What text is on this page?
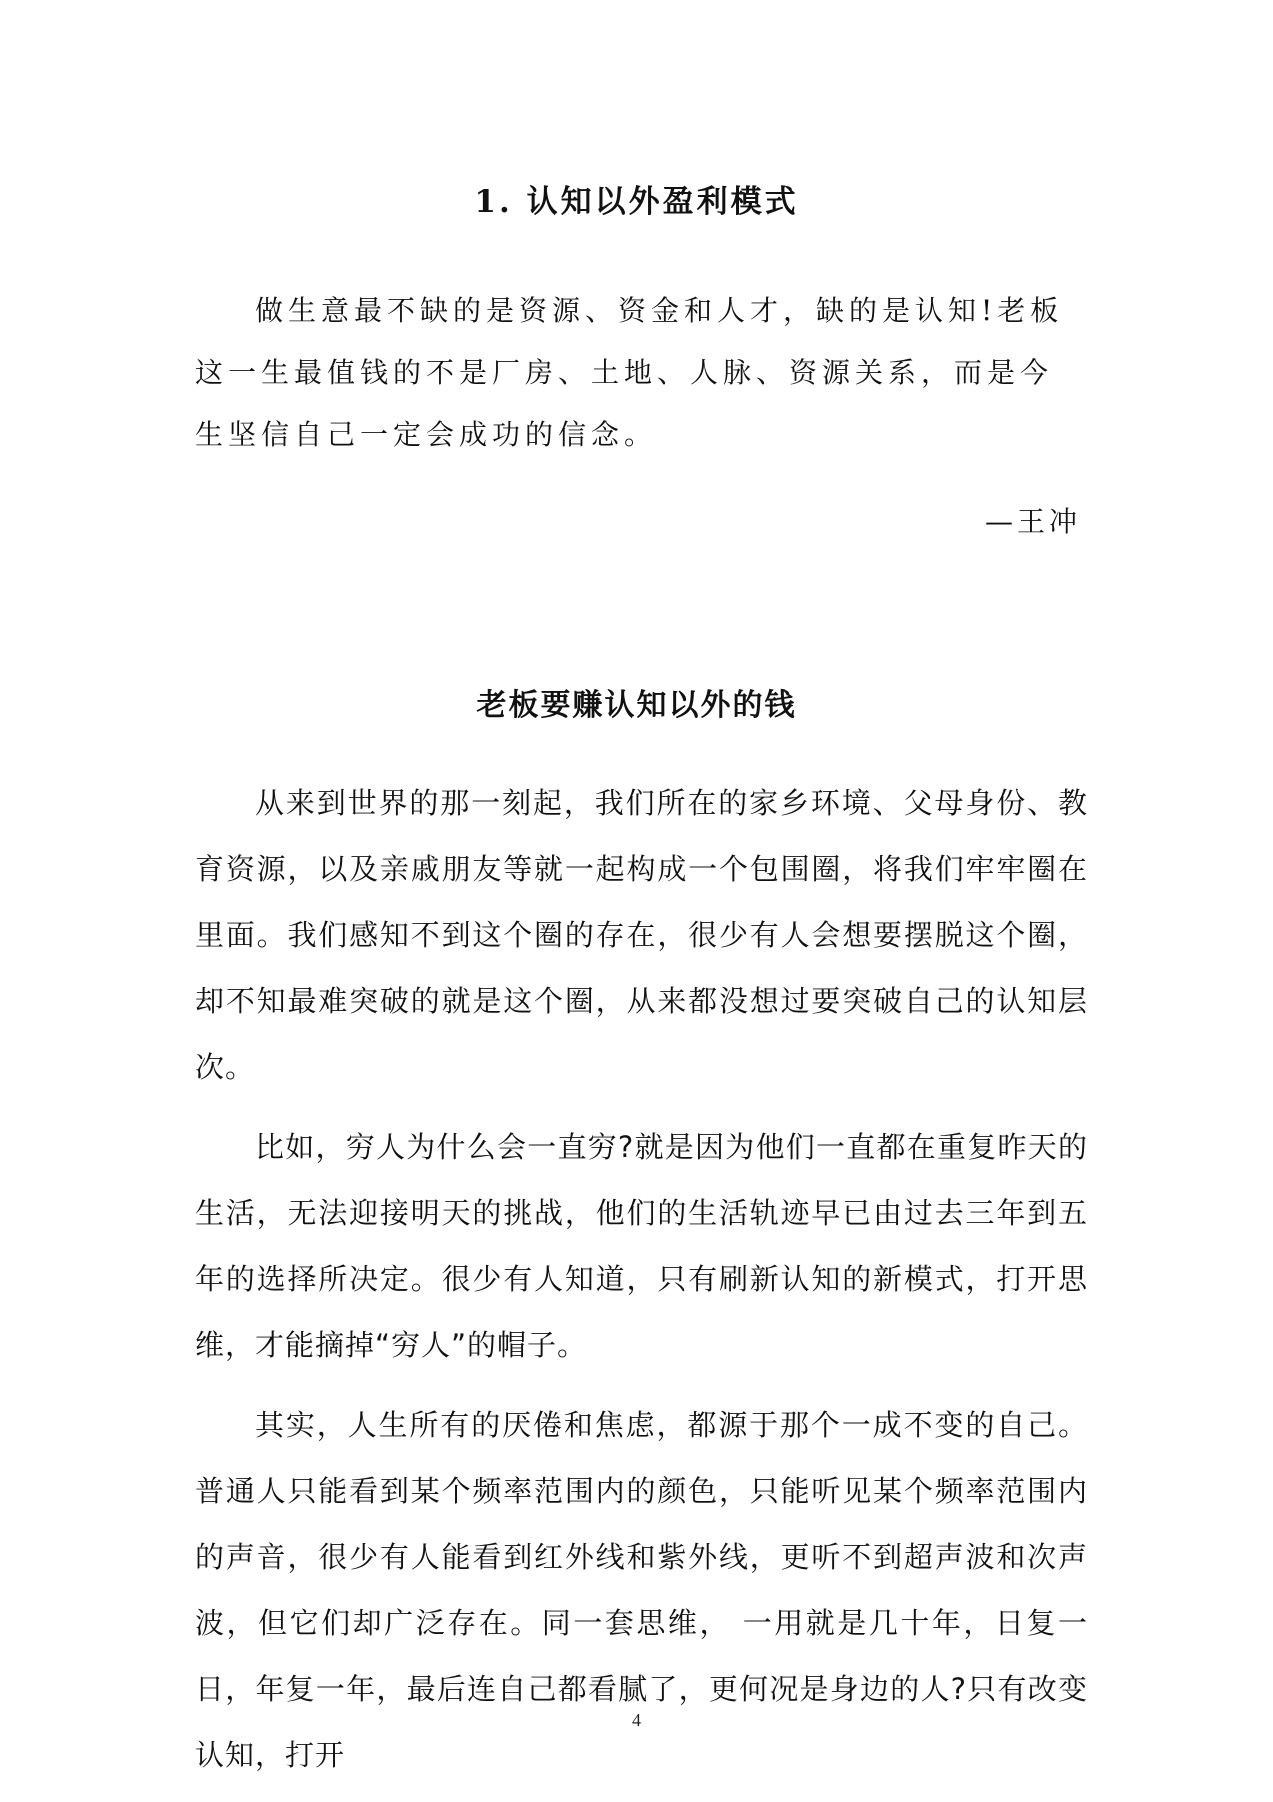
1. 认知以外盈利模式

做生意最不缺的是资源、资金和人才，缺的是认知!老板这一生最值钱的不是厂房、土地、人脉、资源关系，而是今生坚信自己一定会成功的信念。

—王冲
老板要赚认知以外的钱

从来到世界的那一刻起，我们所在的家乡环境、父母身份、教育资源，以及亲戚朋友等就一起构成一个包围圈，将我们牢牢圈在里面。我们感知不到这个圈的存在，很少有人会想要摆脱这个圈，却不知最难突破的就是这个圈，从来都没想过要突破自己的认知层次。

比如，穷人为什么会一直穷?就是因为他们一直都在重复昨天的生活，无法迎接明天的挑战，他们的生活轨迹早已由过去三年到五年的选择所决定。很少有人知道，只有刷新认知的新模式，打开思维，才能摘掉“穷人”的帽子。

其实，人生所有的厌倦和焦虑，都源于那个一成不变的自己。普通人只能看到某个频率范围内的颜色，只能听见某个频率范围内的声音，很少有人能看到红外线和紫外线，更听不到超声波和次声波，但它们却广泛存在。同一套思维， 一用就是几十年，日复一日，年复一年，最后连自己都看腻了，更何况是身边的人?只有改变认知，打开

4
